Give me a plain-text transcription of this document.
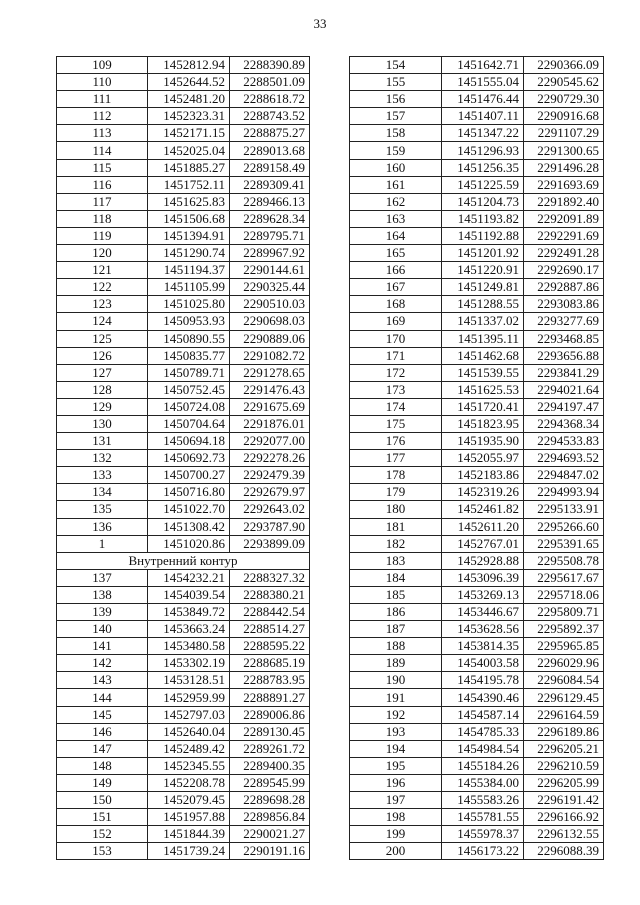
33
109	1452812.94	2288390.89
110	1452644.52	2288501.09
111	1452481.20	2288618.72
112	1452323.31	2288743.52
113	1452171.15	2288875.27
114	1452025.04	2289013.68
115	1451885.27	2289158.49
116	1451752.11	2289309.41
117	1451625.83	2289466.13
118	1451506.68	2289628.34
119	1451394.91	2289795.71
120	1451290.74	2289967.92
121	1451194.37	2290144.61
122	1451105.99	2290325.44
123	1451025.80	2290510.03
124	1450953.93	2290698.03
125	1450890.55	2290889.06
126	1450835.77	2291082.72
127	1450789.71	2291278.65
128	1450752.45	2291476.43
129	1450724.08	2291675.69
130	1450704.64	2291876.01
131	1450694.18	2292077.00
132	1450692.73	2292278.26
133	1450700.27	2292479.39
134	1450716.80	2292679.97
135	1451022.70	2292643.02
136	1451308.42	2293787.90
1	1451020.86	2293899.09
Внутренний контур		
137	1454232.21	2288327.32
138	1454039.54	2288380.21
139	1453849.72	2288442.54
140	1453663.24	2288514.27
141	1453480.58	2288595.22
142	1453302.19	2288685.19
143	1453128.51	2288783.95
144	1452959.99	2288891.27
145	1452797.03	2289006.86
146	1452640.04	2289130.45
147	1452489.42	2289261.72
148	1452345.55	2289400.35
149	1452208.78	2289545.99
150	1452079.45	2289698.28
151	1451957.88	2289856.84
152	1451844.39	2290021.27
153	1451739.24	2290191.16
154	1451642.71	2290366.09
155	1451555.04	2290545.62
156	1451476.44	2290729.30
157	1451407.11	2290916.68
158	1451347.22	2291107.29
159	1451296.93	2291300.65
160	1451256.35	2291496.28
161	1451225.59	2291693.69
162	1451204.73	2291892.40
163	1451193.82	2292091.89
164	1451192.88	2292291.69
165	1451201.92	2292491.28
166	1451220.91	2292690.17
167	1451249.81	2292887.86
168	1451288.55	2293083.86
169	1451337.02	2293277.69
170	1451395.11	2293468.85
171	1451462.68	2293656.88
172	1451539.55	2293841.29
173	1451625.53	2294021.64
174	1451720.41	2294197.47
175	1451823.95	2294368.34
176	1451935.90	2294533.83
177	1452055.97	2294693.52
178	1452183.86	2294847.02
179	1452319.26	2294993.94
180	1452461.82	2295133.91
181	1452611.20	2295266.60
182	1452767.01	2295391.65
183	1452928.88	2295508.78
184	1453096.39	2295617.67
185	1453269.13	2295718.06
186	1453446.67	2295809.71
187	1453628.56	2295892.37
188	1453814.35	2295965.85
189	1454003.58	2296029.96
190	1454195.78	2296084.54
191	1454390.46	2296129.45
192	1454587.14	2296164.59
193	1454785.33	2296189.86
194	1454984.54	2296205.21
195	1455184.26	2296210.59
196	1455384.00	2296205.99
197	1455583.26	2296191.42
198	1455781.55	2296166.92
199	1455978.37	2296132.55
200	1456173.22	2296088.39
